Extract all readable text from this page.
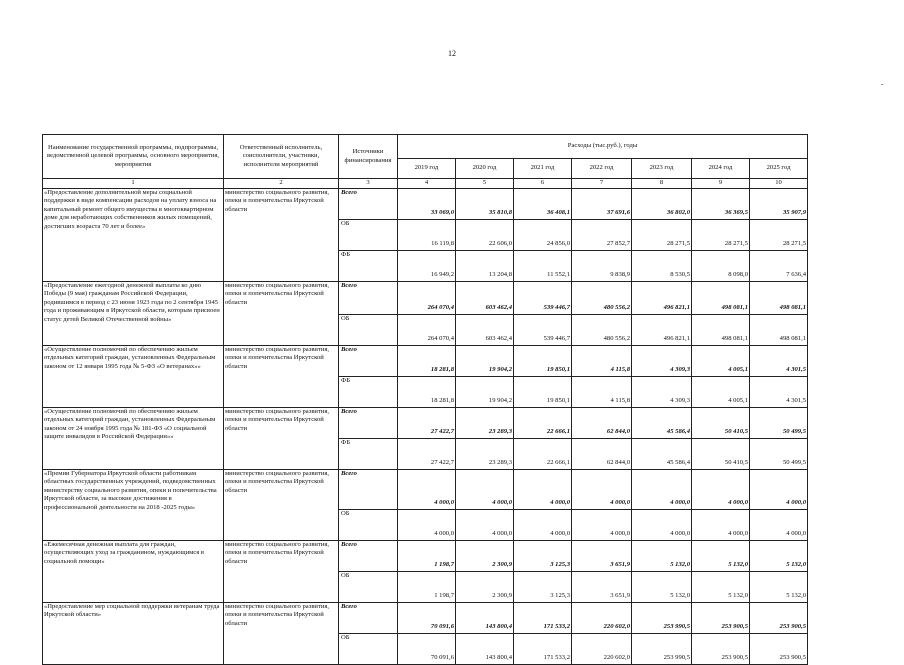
12
-
Наименование государственной программы, подпрограммы, ведомственной целевой программы, основного мероприятия, мероприятия	Ответственный исполнитель, соисполнители, участники, исполнители мероприятий	Источники финансирования	Расходы (тыс.руб.), годы						
			2019 год	2020 год	2021 год	2022 год	2023 год	2024 год	2025 год
1	2	3	4	5	6	7	8	9	10
«Предоставление дополнительной меры социальной поддержки в виде компенсации расходов на уплату взноса на капитальный ремонт общего имущества в многоквартирном доме для неработающих собственников жилых помещений, достигших возраста 70 лет и более»	министерство социального развития, опеки и попечительства Иркутской области	Всего	33 069,0	35 810,8	36 408,1	37 691,6	36 802,0	36 369,5	35 907,9

		ОБ	16 119,8	22 606,0	24 856,0	27 852,7	28 271,5	28 271,5	28 271,5

		ФБ	16 949,2	13 204,8	11 552,1	9 838,9	8 530,5	8 098,0	7 636,4
«Предоставление ежегодной денежной выплаты ко дню Победы (9 мая) гражданам Российской Федерации, родившимся в период с 23 июня 1923 года по 2 сентября 1945 года и проживающим в Иркутской области, которым присвоен статус детей Великой Отечественной войны»	министерство социального развития, опеки и попечительства Иркутской области	Всего	264 070,4	603 462,4	539 446,7	480 556,2	496 821,1	498 081,1	498 081,1

		ОБ	264 070,4	603 462,4	539 446,7	480 556,2	496 821,1	498 081,1	498 081,1
«Осуществление полномочий по обеспечению жильем отдельных категорий граждан, установленных Федеральным законом от 12 января 1995 года № 5-ФЗ «О ветеранах»»	министерство социального развития, опеки и попечительства Иркутской области	Всего	18 281,8	19 904,2	19 850,1	4 115,8	4 309,3	4 005,1	4 301,5

		ФБ	18 281,8	19 904,2	19 850,1	4 115,8	4 309,3	4 005,1	4 301,5
«Осуществление полномочий по обеспечению жильем отдельных категорий граждан, установленных Федеральным законом от 24 ноября 1995 года № 181-ФЗ «О социальной защите инвалидов в Российской Федерации»»	министерство социального развития, опеки и попечительства Иркутской области	Всего	27 422,7	23 289,3	22 666,1	62 844,0	45 586,4	50 410,5	50 499,5

		ФБ	27 422,7	23 289,3	22 666,1	62 844,0	45 586,4	50 410,5	50 499,5
«Премии Губернатора Иркутской области работникам областных государственных учреждений, подведомственных министерству социального развития, опеки и попечительства Иркутской области, за высокие достижения в профессиональной деятельности на 2018 -2025 годы»	министерство социального развития, опеки и попечительства Иркутской области	Всего	4 000,0	4 000,0	4 000,0	4 000,0	4 000,0	4 000,0	4 000,0

		ОБ	4 000,0	4 000,0	4 000,0	4 000,0	4 000,0	4 000,0	4 000,0
«Ежемесячная денежная выплата для граждан, осуществляющих уход за гражданином, нуждающимся в социальной помощи»	министерство социального развития, опеки и попечительства Иркутской области	Всего	1 198,7	2 300,9	3 125,3	3 651,9	5 132,0	5 132,0	5 132,0

		ОБ	1 198,7	2 300,9	3 125,3	3 651,9	5 132,0	5 132,0	5 132,0
«Предоставление мер социальной поддержки ветеранам труда Иркутской области»	министерство социального развития, опеки и попечительства Иркутской области	Всего	70 091,6	143 800,4	171 533,2	220 602,0	253 990,5	253 900,5	253 900,5

		ОБ	70 091,6	143 800,4	171 533,2	220 602,0	253 990,5	253 900,5	253 900,5
